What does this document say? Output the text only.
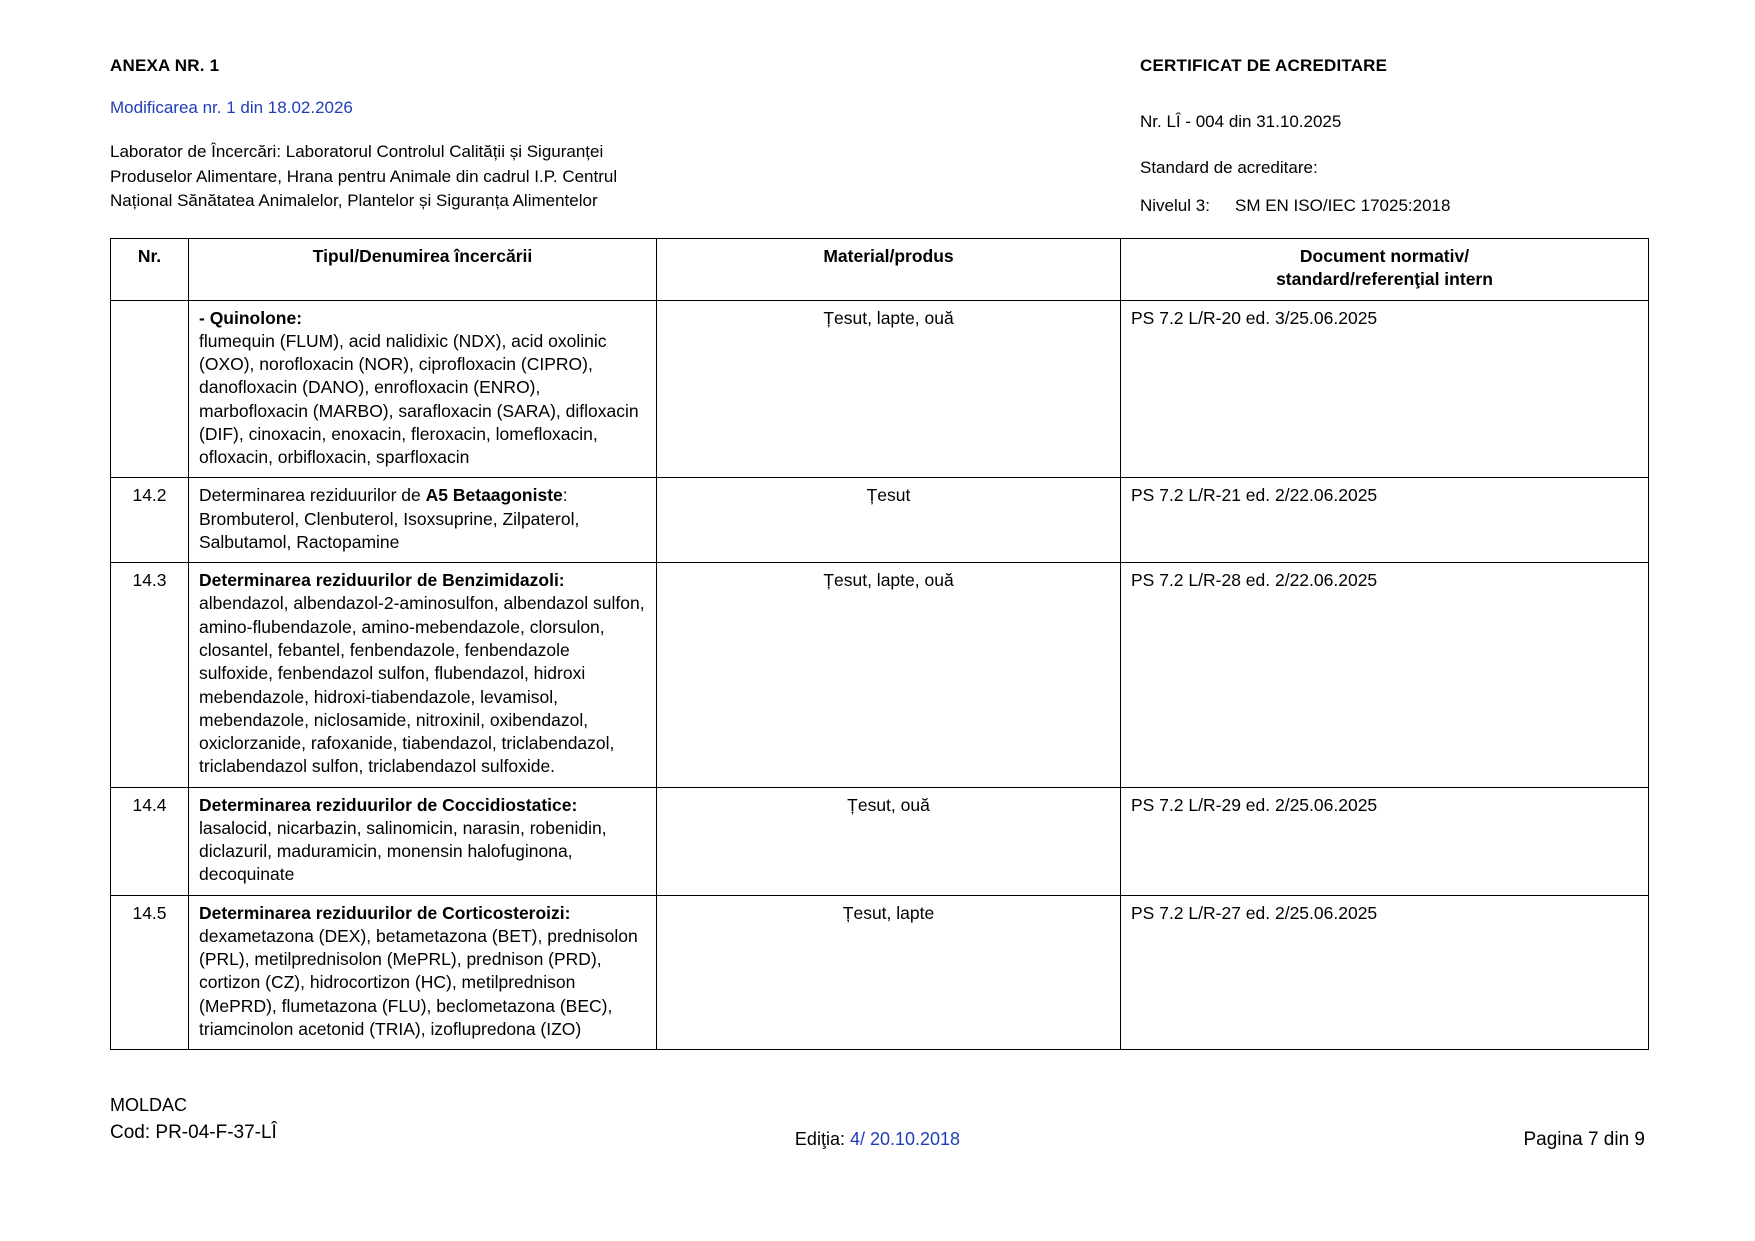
ANEXA NR. 1
Modificarea nr. 1 din 18.02.2026
Laborator de Încercări: Laboratorul Controlul Calității și Siguranței
Produselor Alimentare, Hrana pentru Animale din cadrul I.P. Centrul
Național Sănătatea Animalelor, Plantelor și Siguranța Alimentelor
CERTIFICAT DE ACREDITARE
Nr. LÎ - 004 din 31.10.2025
Standard de acreditare:
Nivelul 3:	SM EN ISO/IEC 17025:2018
Nr.	Tipul/Denumirea încercării	Material/produs	Document normativ/
standard/referenţial intern

	- Quinolone:
flumequin (FLUM), acid nalidixic (NDX), acid oxolinic (OXO), norofloxacin (NOR), ciprofloxacin (CIPRO), danofloxacin (DANO), enrofloxacin (ENRO), marbofloxacin (MARBO), sarafloxacin (SARA), difloxacin (DIF), cinoxacin, enoxacin, fleroxacin, lomefloxacin, ofloxacin, orbifloxacin, sparfloxacin	Țesut, lapte, ouă	PS 7.2 L/R-20 ed. 3/25.06.2025
14.2	Determinarea reziduurilor de A5 Betaagoniste:
Brombuterol, Clenbuterol, Isoxsuprine, Zilpaterol, Salbutamol, Ractopamine	Țesut	PS 7.2 L/R-21 ed. 2/22.06.2025
14.3	Determinarea reziduurilor de Benzimidazoli:
albendazol, albendazol-2-aminosulfon, albendazol sulfon, amino-flubendazole, amino-mebendazole, clorsulon, closantel, febantel, fenbendazole, fenbendazole sulfoxide, fenbendazol sulfon, flubendazol, hidroxi mebendazole, hidroxi-tiabendazole, levamisol, mebendazole, niclosamide, nitroxinil, oxibendazol, oxiclorzanide, rafoxanide, tiabendazol, triclabendazol, triclabendazol sulfon, triclabendazol sulfoxide.	Țesut, lapte, ouă	PS 7.2 L/R-28 ed. 2/22.06.2025
14.4	Determinarea reziduurilor de Coccidiostatice:
lasalocid, nicarbazin, salinomicin, narasin, robenidin, diclazuril, maduramicin, monensin halofuginona, decoquinate	Țesut, ouă	PS 7.2 L/R-29 ed. 2/25.06.2025
14.5	Determinarea reziduurilor de Corticosteroizi:
dexametazona (DEX), betametazona (BET), prednisolon (PRL), metilprednisolon (MePRL), prednison (PRD), cortizon (CZ), hidrocortizon (HC), metilprednison (MePRD), flumetazona (FLU), beclometazona (BEC), triamcinolon acetonid (TRIA), izoflupredona (IZO)	Țesut, lapte	PS 7.2 L/R-27 ed. 2/25.06.2025
MOLDAC
Cod: PR-04-F-37-LÎ	Ediţia: 4/ 20.10.2018	Pagina 7 din 9
